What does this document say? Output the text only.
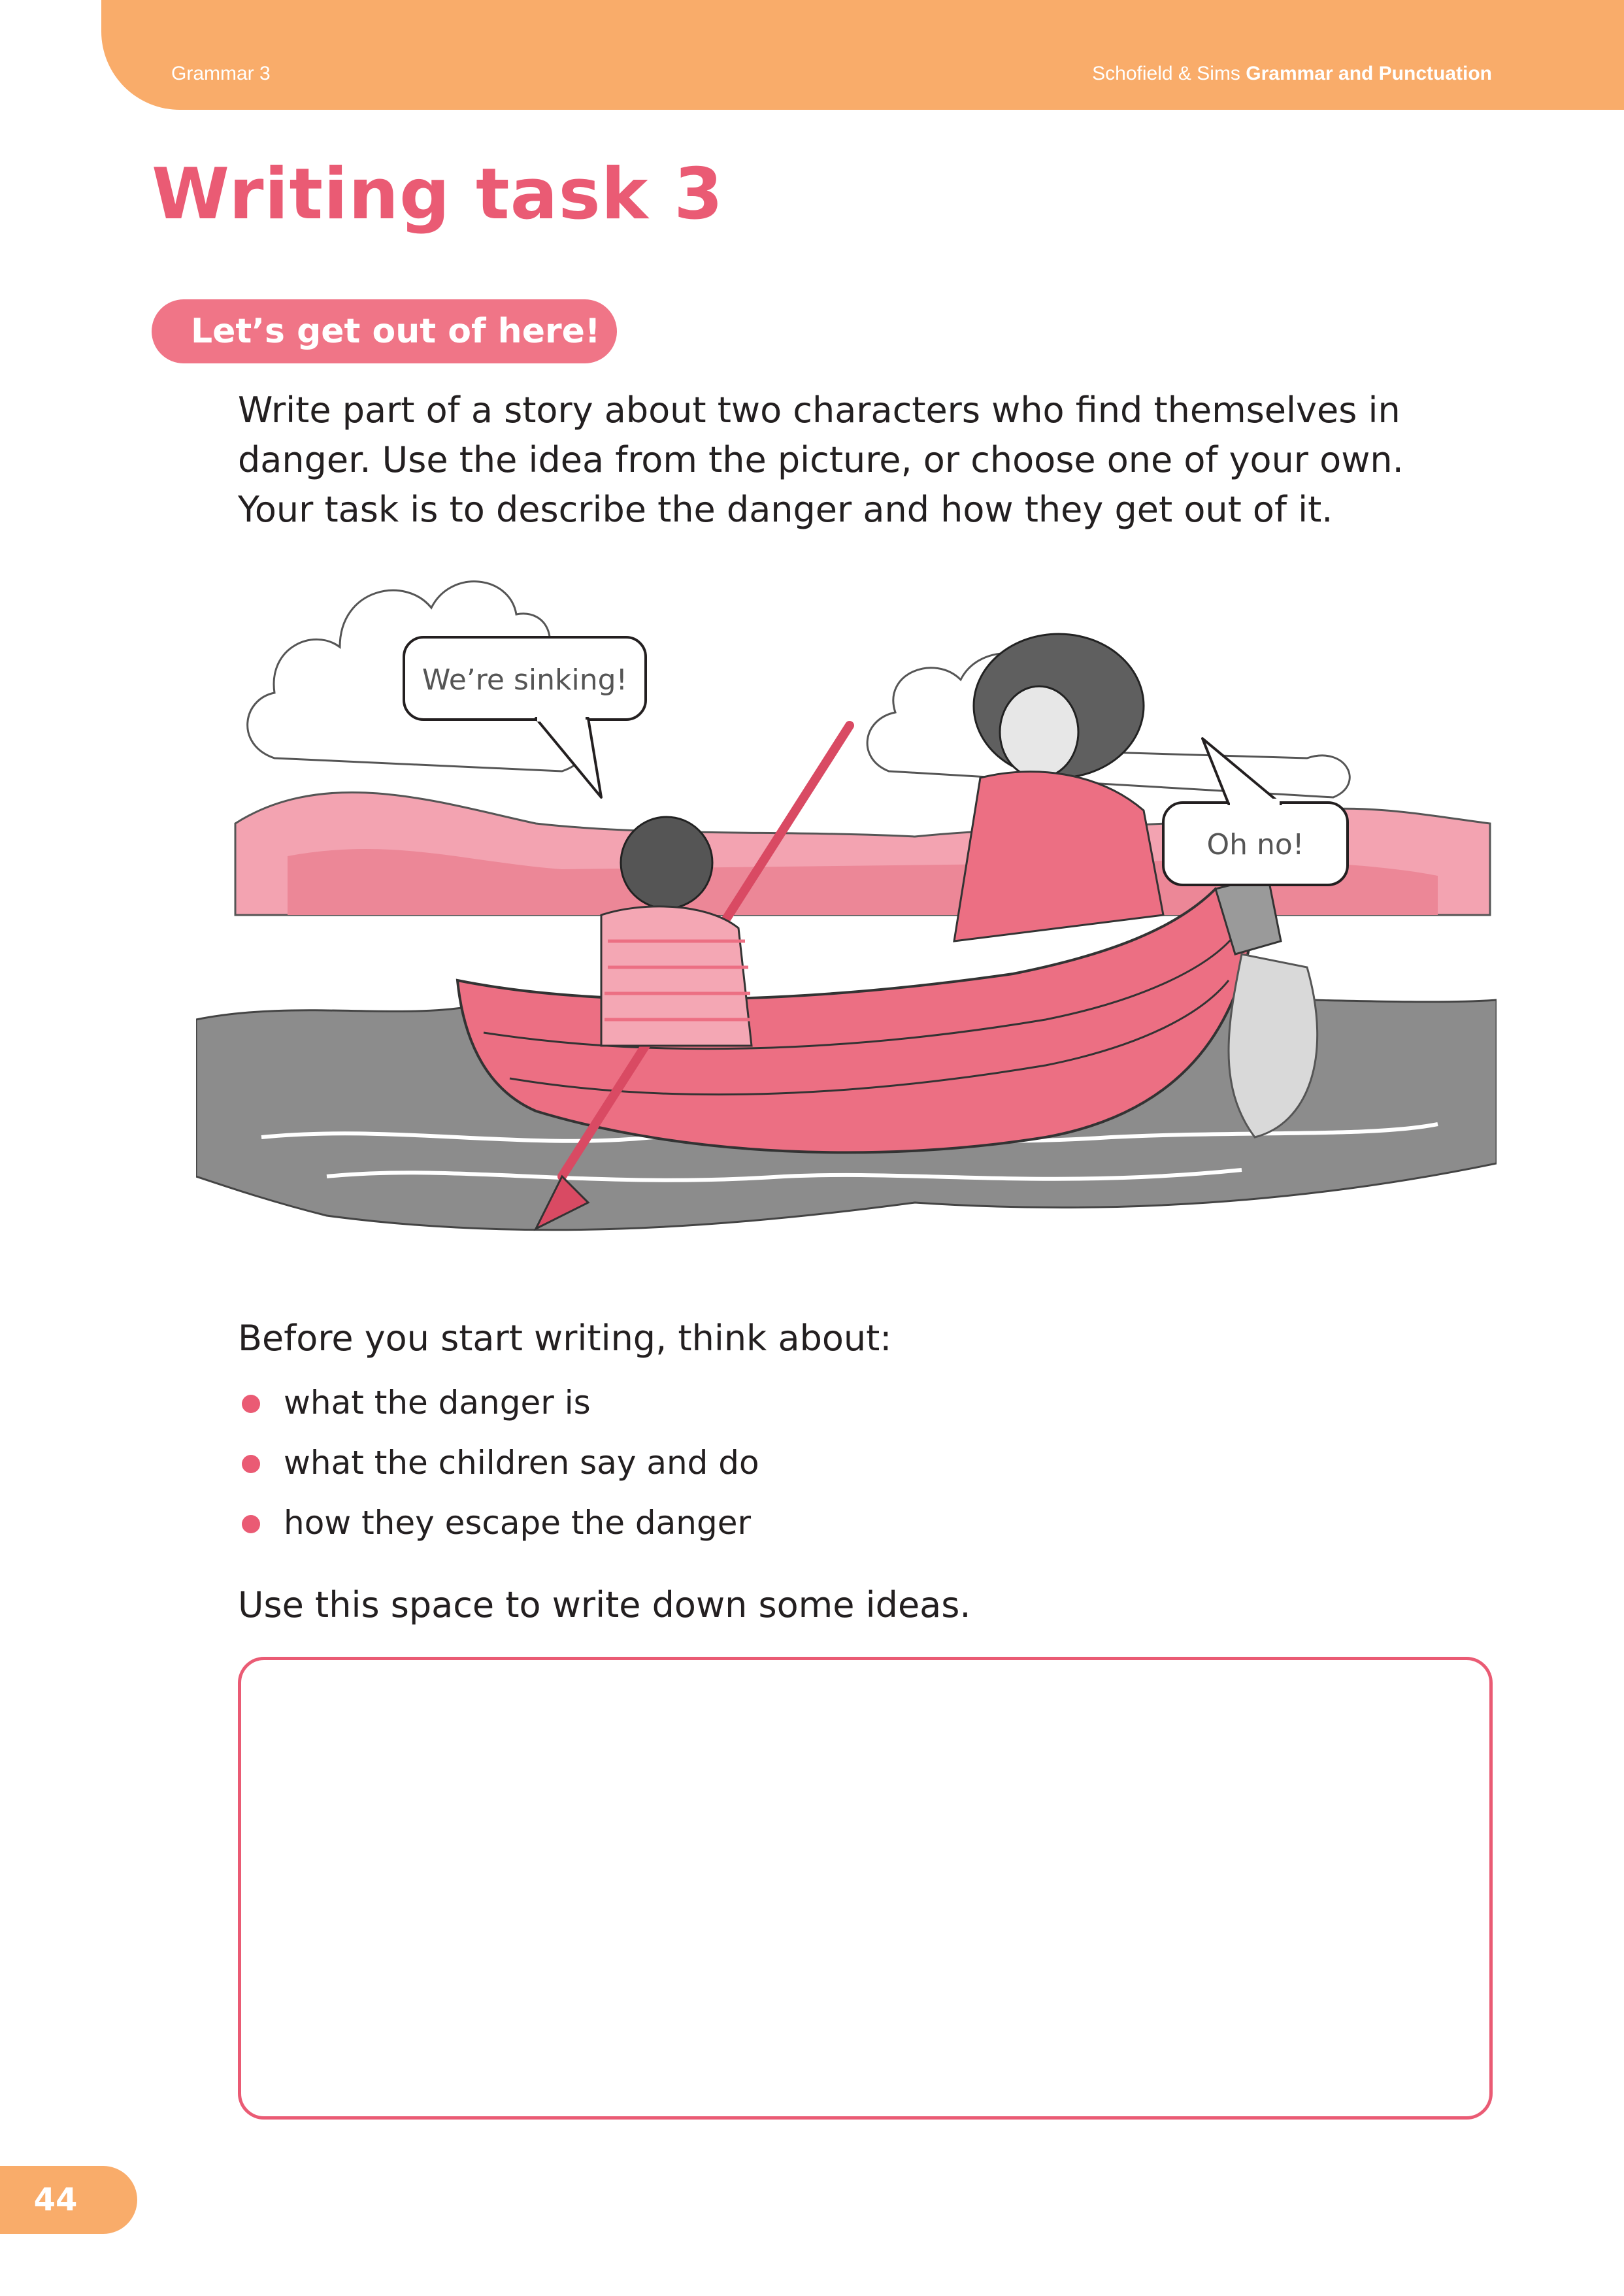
Grammar 3	Schofield & Sims Grammar and Punctuation
Writing task 3
Let’s get out of here!

Write part of a story about two characters who find themselves in danger. Use the idea from the picture, or choose one of your own. Your task is to describe the danger and how they get out of it.

We’re sinking!
Oh no!

Before you start writing, think about:

what the danger is
what the children say and do
how they escape the danger

Use this space to write down some ideas.

44
